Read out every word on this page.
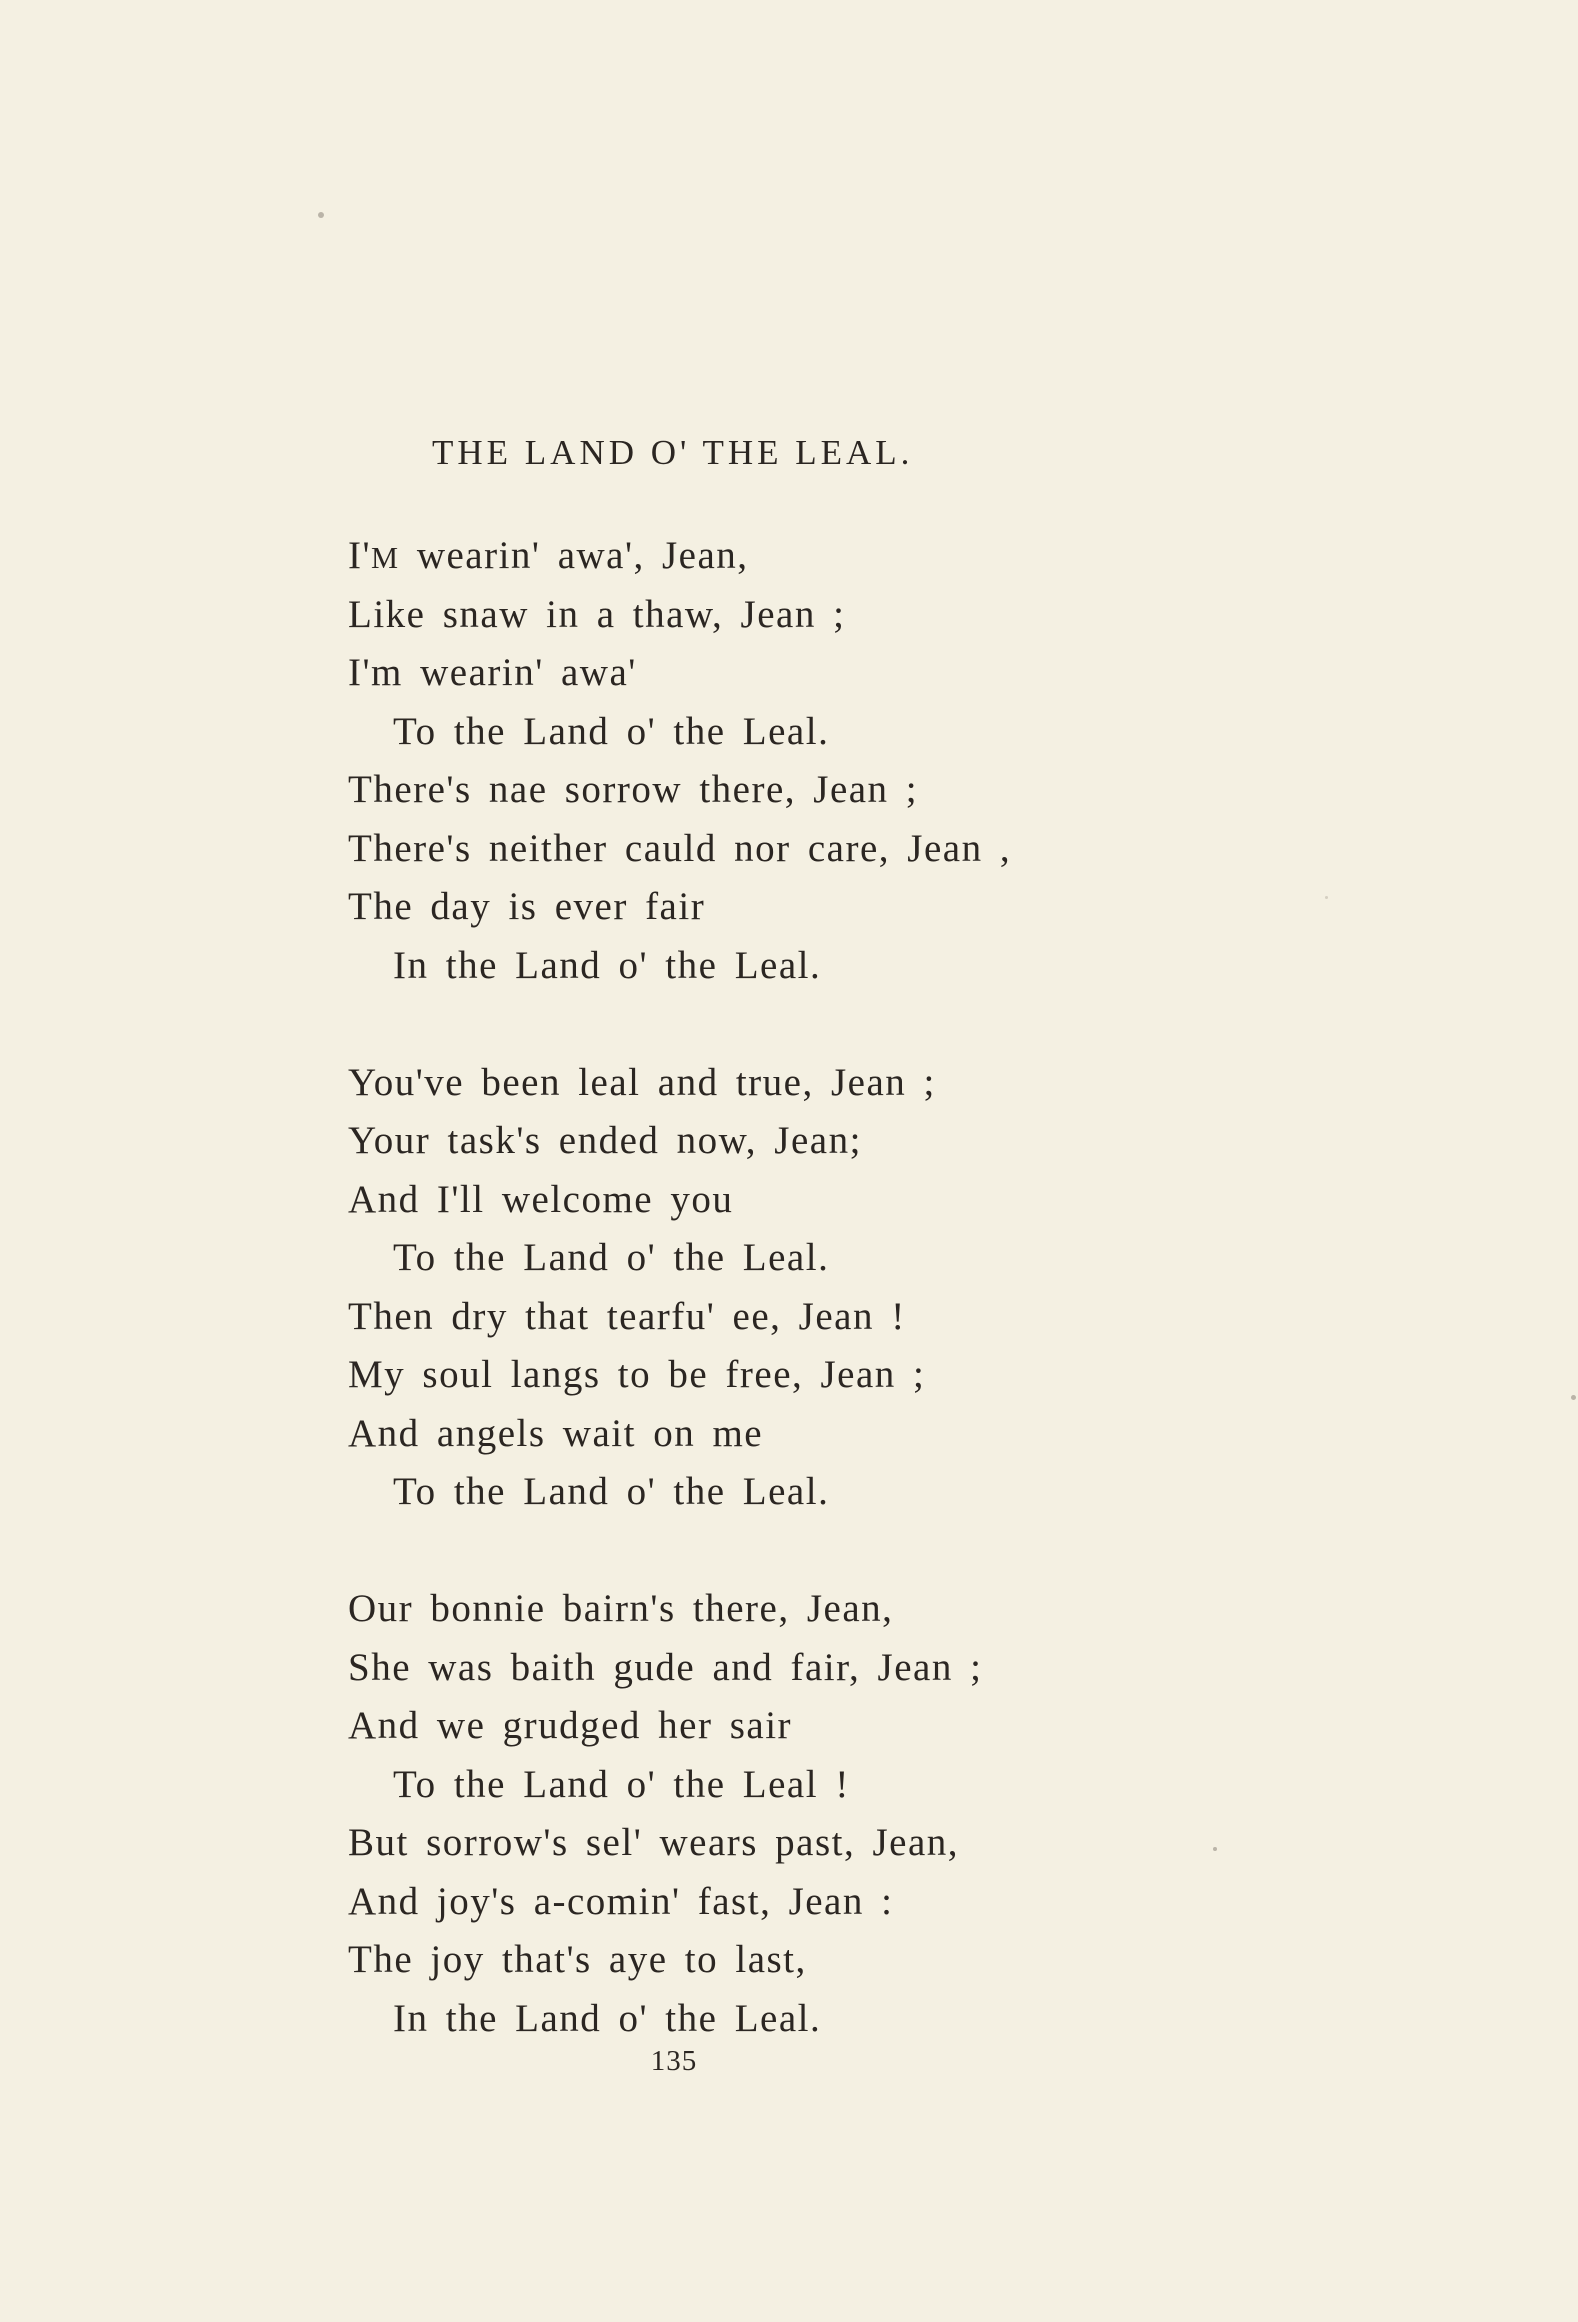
THE LAND O' THE LEAL.
I'M wearin' awa', Jean,
Like snaw in a thaw, Jean ;
I'm wearin' awa'
To the Land o' the Leal.
There's nae sorrow there, Jean ;
There's neither cauld nor care, Jean ,
The day is ever fair
In the Land o' the Leal.
You've been leal and true, Jean ;
Your task's ended now, Jean;
And I'll welcome you
To the Land o' the Leal.
Then dry that tearfu' ee, Jean !
My soul langs to be free, Jean ;
And angels wait on me
To the Land o' the Leal.
Our bonnie bairn's there, Jean,
She was baith gude and fair, Jean ;
And we grudged her sair
To the Land o' the Leal !
But sorrow's sel' wears past, Jean,
And joy's a-comin' fast, Jean :
The joy that's aye to last,
In the Land o' the Leal.
135
